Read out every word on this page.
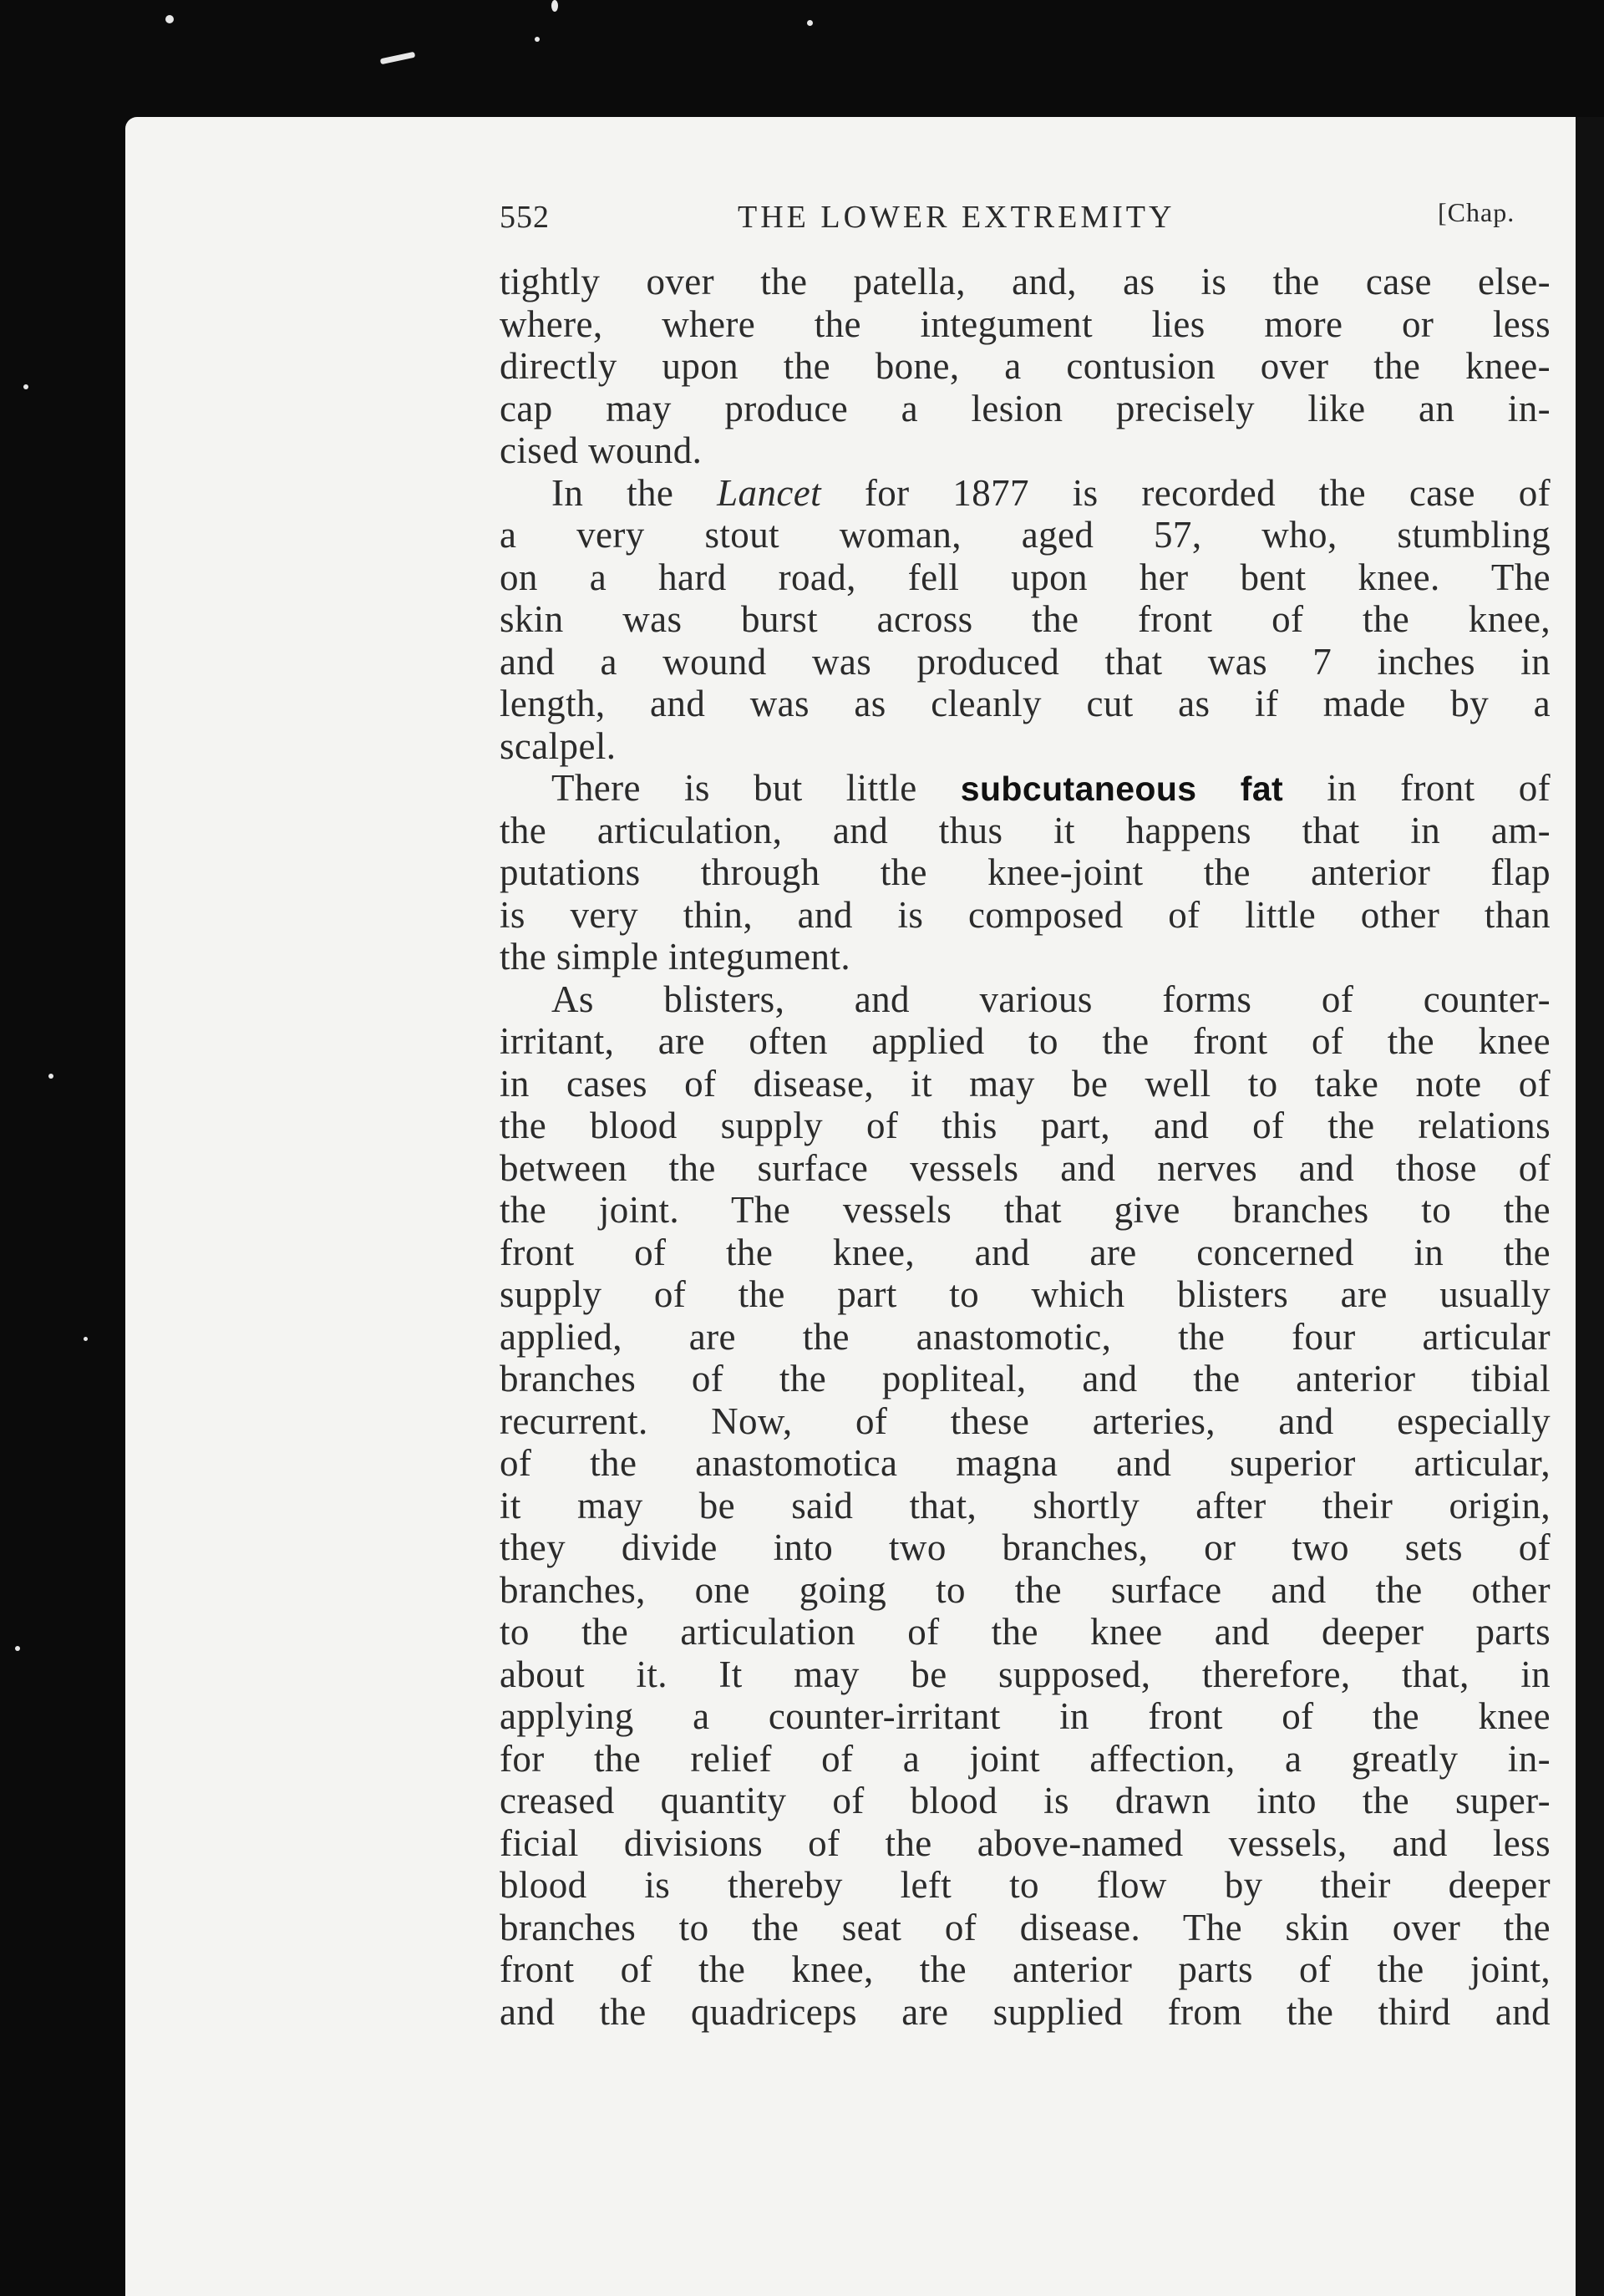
552	THE LOWER EXTREMITY	[Chap.
tightly over the patella, and, as is the case else-
where, where the integument lies more or less
directly upon the bone, a contusion over the knee-
cap may produce a lesion precisely like an in-
cised wound.
In the Lancet for 1877 is recorded the case of
a very stout woman, aged 57, who, stumbling
on a hard road, fell upon her bent knee. The
skin was burst across the front of the knee,
and a wound was produced that was 7 inches in
length, and was as cleanly cut as if made by a
scalpel.
There is but little subcutaneous fat in front of
the articulation, and thus it happens that in am-
putations through the knee-joint the anterior flap
is very thin, and is composed of little other than
the simple integument.
As blisters, and various forms of counter-
irritant, are often applied to the front of the knee
in cases of disease, it may be well to take note of
the blood supply of this part, and of the relations
between the surface vessels and nerves and those of
the joint. The vessels that give branches to the
front of the knee, and are concerned in the
supply of the part to which blisters are usually
applied, are the anastomotic, the four articular
branches of the popliteal, and the anterior tibial
recurrent. Now, of these arteries, and especially
of the anastomotica magna and superior articular,
it may be said that, shortly after their origin,
they divide into two branches, or two sets of
branches, one going to the surface and the other
to the articulation of the knee and deeper parts
about it. It may be supposed, therefore, that, in
applying a counter-irritant in front of the knee
for the relief of a joint affection, a greatly in-
creased quantity of blood is drawn into the super-
ficial divisions of the above-named vessels, and less
blood is thereby left to flow by their deeper
branches to the seat of disease. The skin over the
front of the knee, the anterior parts of the joint,
and the quadriceps are supplied from the third and
